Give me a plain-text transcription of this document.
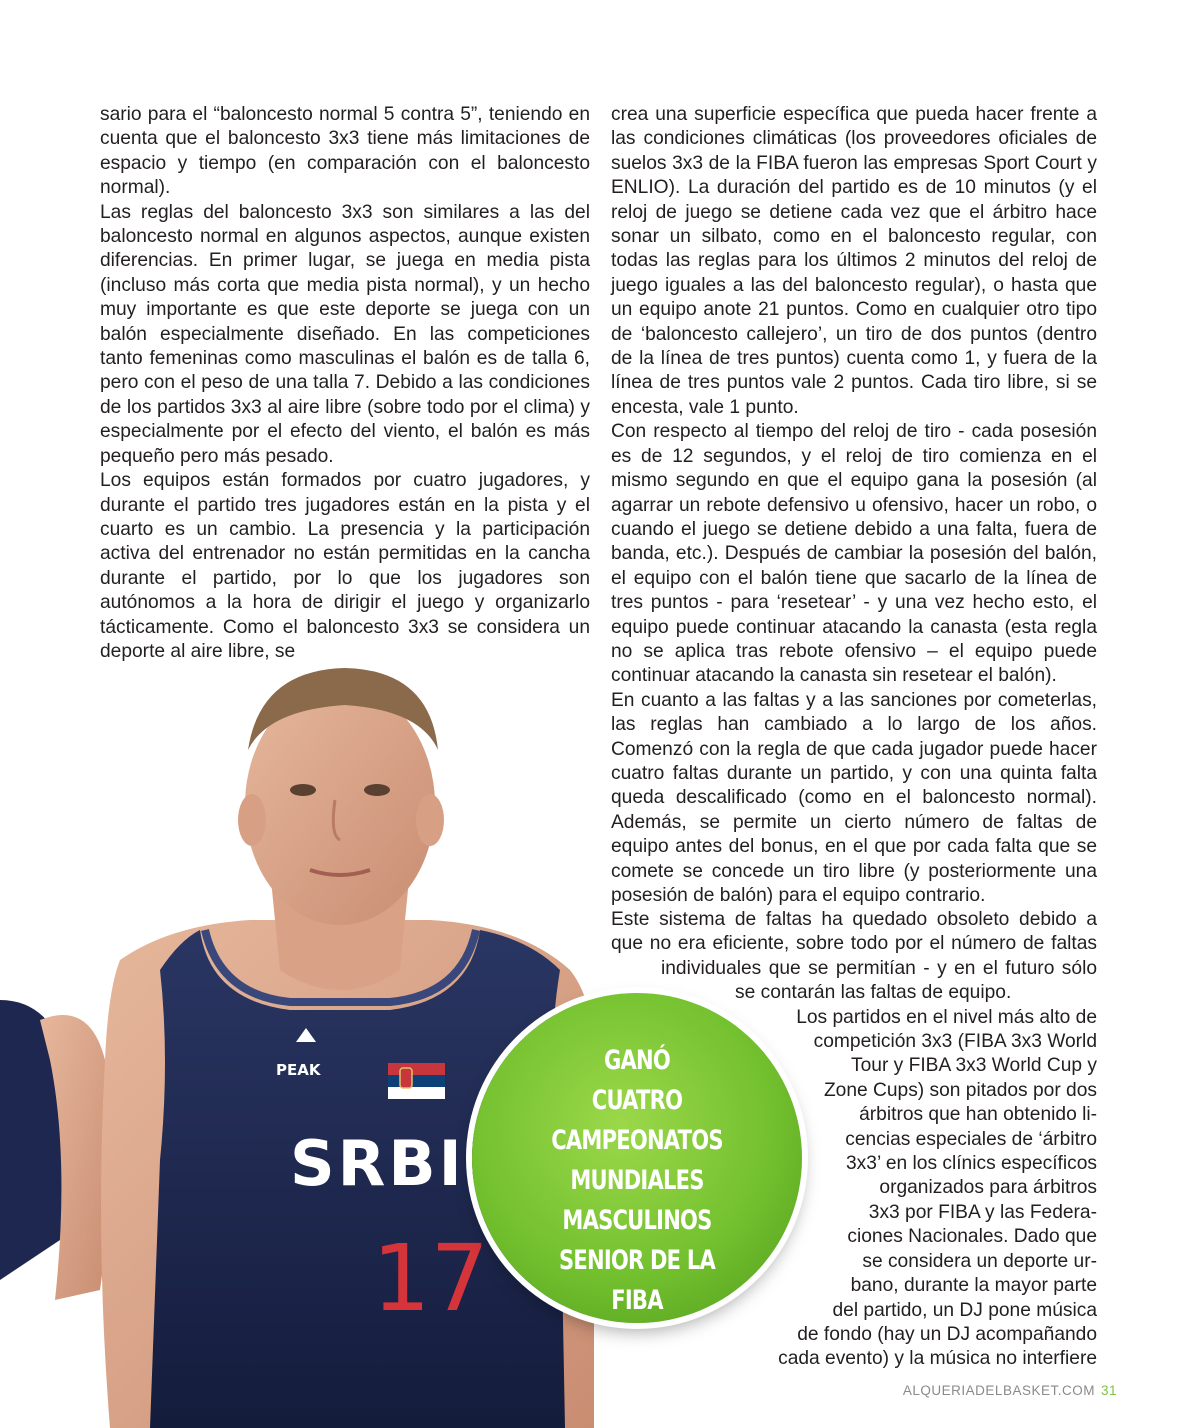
PEAK
SRBI
17
sario para el “baloncesto normal 5 contra 5”, teniendo en cuenta que el baloncesto 3x3 tiene más limitaciones de espacio y tiempo (en comparación con el baloncesto normal).
Las reglas del baloncesto 3x3 son similares a las del baloncesto normal en algunos aspectos, aunque existen diferencias. En primer lugar, se juega en media pista (incluso más corta que media pista normal), y un hecho muy importante es que este deporte se juega con un balón especialmente diseñado. En las competiciones tanto femeninas como masculinas el balón es de talla 6, pero con el peso de una talla 7. Debido a las condiciones de los partidos 3x3 al aire libre (sobre todo por el clima) y especialmente por el efecto del viento, el balón es más pequeño pero más pesado.
Los equipos están formados por cuatro jugadores, y durante el partido tres jugadores están en la pista y el cuarto es un cambio. La presencia y la participación activa del entrenador no están permitidas en la cancha durante el partido, por lo que los jugadores son autónomos a la hora de dirigir el juego y organizarlo tácticamente. Como el baloncesto 3x3 se considera un deporte al aire libre, se
crea una superficie específica que pueda hacer frente a las condiciones climáticas (los proveedores oficiales de suelos 3x3 de la FIBA fueron las empresas Sport Court y ENLIO). La duración del partido es de 10 minutos (y el reloj de juego se detiene cada vez que el árbitro hace sonar un silbato, como en el baloncesto regular, con todas las reglas para los últimos 2 minutos del reloj de juego iguales a las del baloncesto regular), o hasta que un equipo anote 21 puntos. Como en cualquier otro tipo de ‘baloncesto callejero’, un tiro de dos puntos (dentro de la línea de tres puntos) cuenta como 1, y fuera de la línea de tres puntos vale 2 puntos. Cada tiro libre, si se encesta, vale 1 punto.
Con respecto al tiempo del reloj de tiro - cada posesión es de 12 segundos, y el reloj de tiro comienza en el mismo segundo en que el equipo gana la posesión (al agarrar un rebote defensivo u ofensivo, hacer un robo, o cuando el juego se detiene debido a una falta, fuera de banda, etc.). Después de cambiar la posesión del balón, el equipo con el balón tiene que sacarlo de la línea de tres puntos - para ‘resetear’ - y una vez hecho esto, el equipo puede continuar atacando la canasta (esta regla no se aplica tras rebote ofensivo – el equipo puede continuar atacando la canasta sin resetear el balón).
En cuanto a las faltas y a las sanciones por cometerlas, las reglas han cambiado a lo largo de los años. Comenzó con la regla de que cada jugador puede hacer cuatro faltas durante un partido, y con una quinta falta queda descalificado (como en el baloncesto normal). Además, se permite un cierto número de faltas de equipo antes del bonus, en el que por cada falta que se comete se concede un tiro libre (y posteriormente una posesión de balón) para el equipo contrario.
Este sistema de faltas ha quedado obsoleto debido a
que no era eficiente, sobre todo por el número de faltas
individuales que se permitían - y en el futuro sólo
se contarán las faltas de equipo.
Los partidos en el nivel más alto de
competición 3x3 (FIBA 3x3 World
Tour y FIBA 3x3 World Cup y
Zone Cups) son pitados por dos
árbitros que han obtenido li-
cencias especiales de ‘árbitro
3x3’ en los clínics específicos
organizados para árbitros
3x3 por FIBA y las Federa-
ciones Nacionales. Dado que
se considera un deporte ur-
bano, durante la mayor parte
del partido, un DJ pone música
de fondo (hay un DJ acompañando
cada evento) y la música no interfiere
GANÓ
CUATRO
CAMPEONATOS
MUNDIALES
MASCULINOS
SENIOR DE LA
FIBA
ALQUERIADELBASKET.COM 31
